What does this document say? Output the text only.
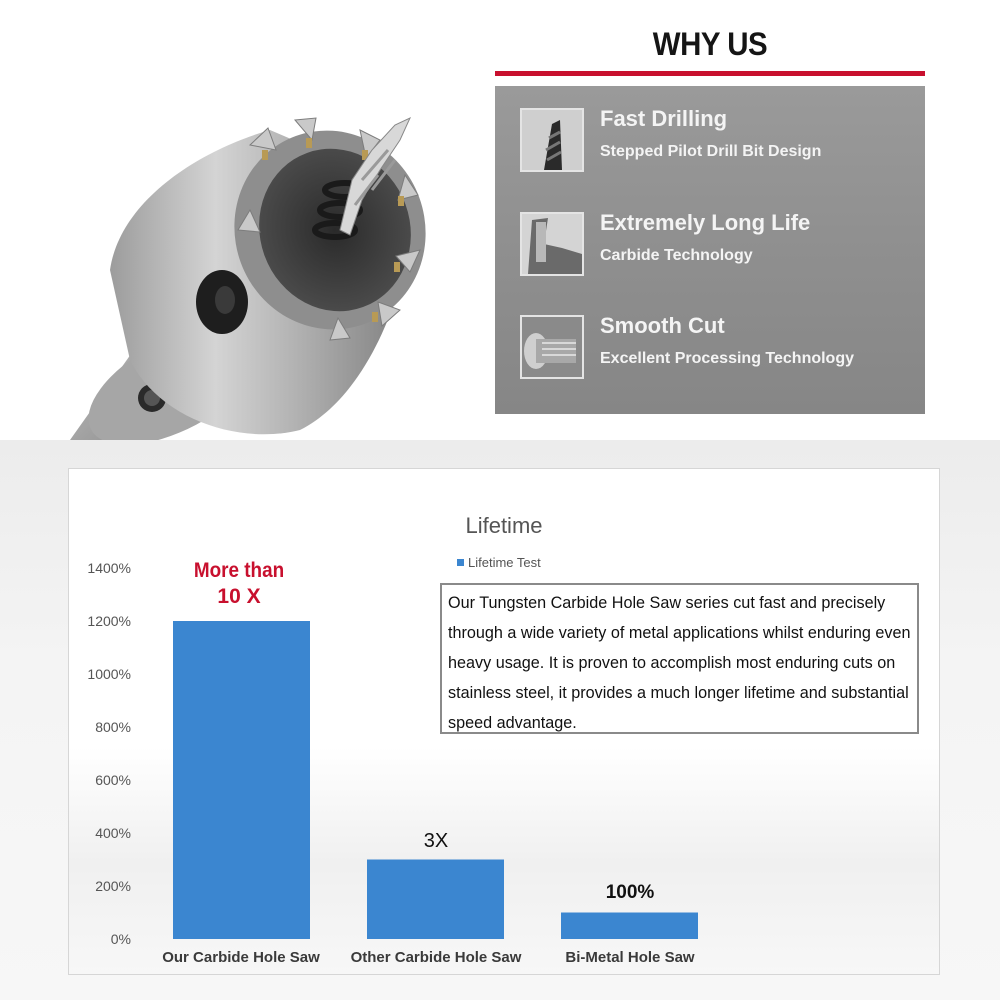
WHY US
Fast Drilling
Stepped Pilot Drill Bit Design
Extremely Long Life
Carbide Technology
Smooth Cut
Excellent Processing Technology
Lifetime
Lifetime Test
0%
200%
400%
600%
800%
1000%
1200%
1400%	More than
10 X
3X
100%
Our Carbide Hole Saw Other Carbide Hole Saw	Bi-Metal Hole Saw
Our Tungsten Carbide Hole Saw series cut fast and precisely through a wide variety of metal applications whilst enduring even heavy usage. It is proven to accomplish most enduring cuts on stainless steel, it provides a much longer lifetime and substantial speed advantage.
